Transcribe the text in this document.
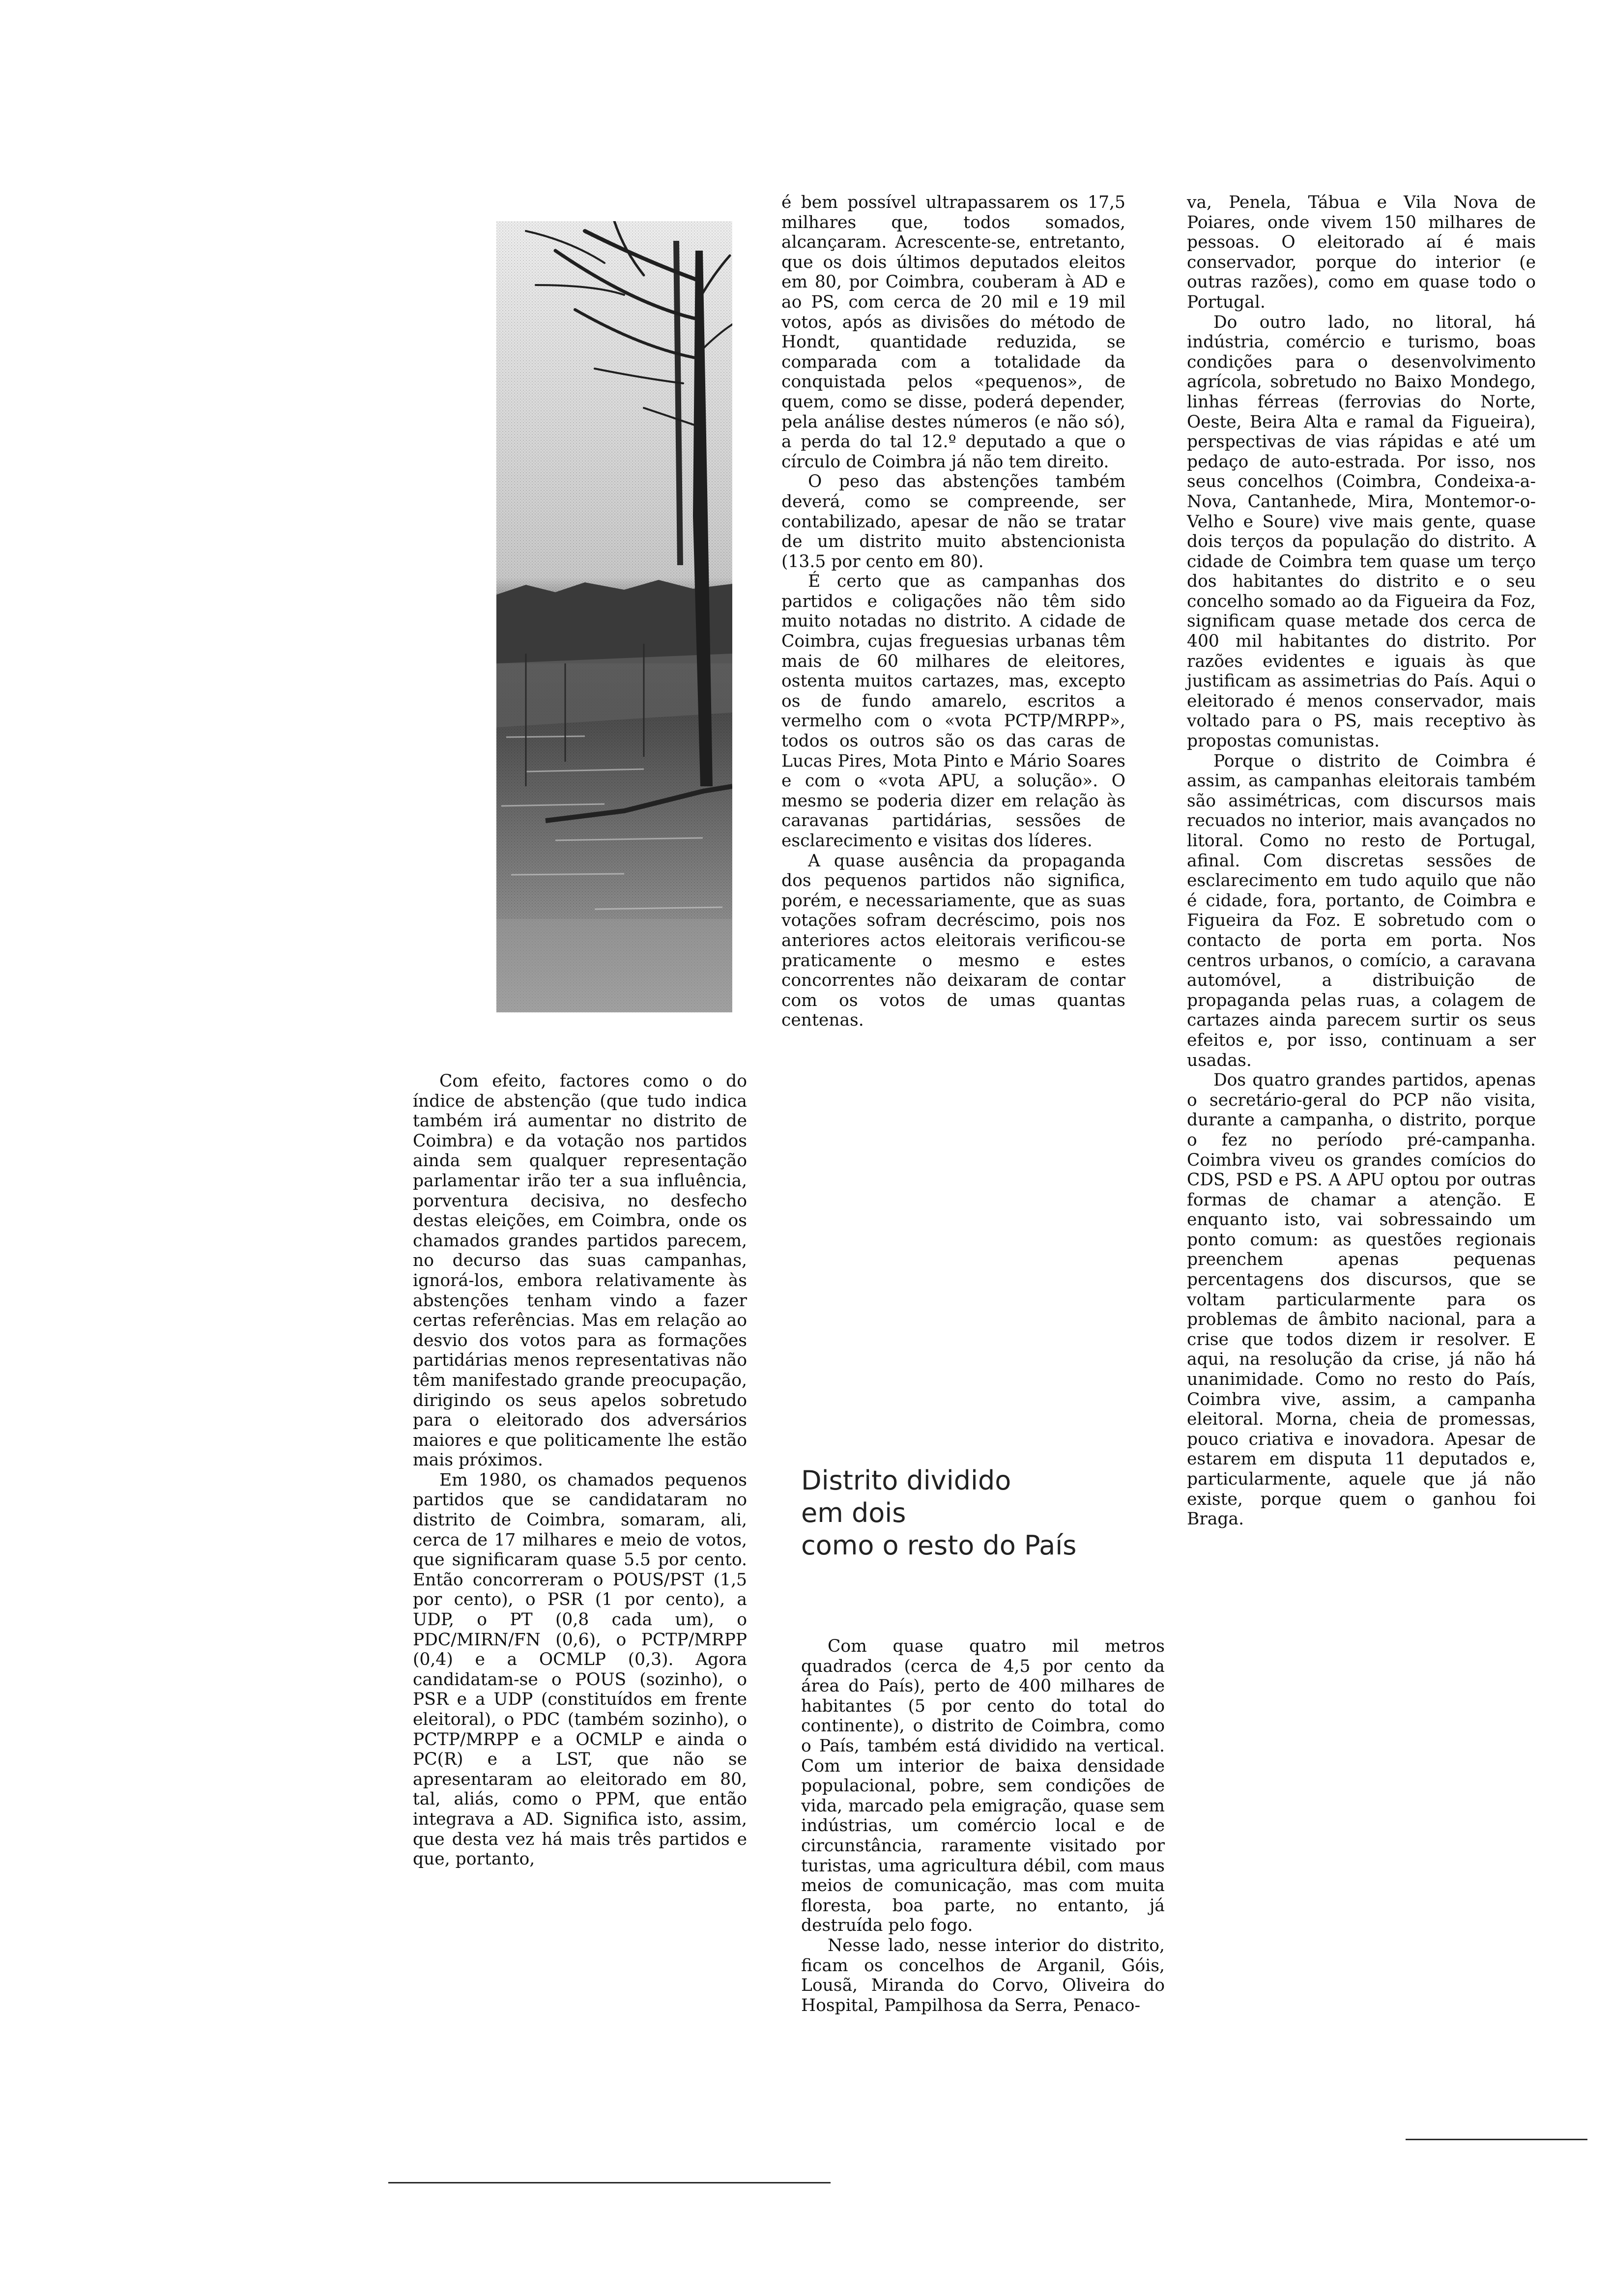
Com efeito, factores como o do índice de abstenção (que tudo indica também irá aumentar no distrito de Coimbra) e da votação nos partidos ainda sem qualquer representação parlamentar irão ter a sua influência, porventura decisiva, no desfecho destas eleições, em Coimbra, onde os chamados grandes partidos parecem, no decurso das suas campanhas, ignorá-los, embora relativamente às abstenções tenham vindo a fazer certas referências. Mas em relação ao desvio dos votos para as formações partidárias menos representativas não têm manifestado grande preocupação, dirigindo os seus apelos sobretudo para o eleitorado dos adversários maiores e que politicamente lhe estão mais próximos.

Em 1980, os chamados pequenos partidos que se candidataram no distrito de Coimbra, somaram, ali, cerca de 17 milhares e meio de votos, que significaram quase 5.5 por cento. Então concorreram o POUS/PST (1,5 por cento), o PSR (1 por cento), a UDP, o PT (0,8 cada um), o PDC/MIRN/FN (0,6), o PCTP/MRPP (0,4) e a OCMLP (0,3). Agora candidatam-se o POUS (sozinho), o PSR e a UDP (constituídos em frente eleitoral), o PDC (também sozinho), o PCTP/MRPP e a OCMLP e ainda o PC(R) e a LST, que não se apresentaram ao eleitorado em 80, tal, aliás, como o PPM, que então integrava a AD. Significa isto, assim, que desta vez há mais três partidos e que, portanto,

é bem possível ultrapassarem os 17,5 milhares que, todos somados, alcançaram. Acrescente-se, entretanto, que os dois últimos deputados eleitos em 80, por Coimbra, couberam à AD e ao PS, com cerca de 20 mil e 19 mil votos, após as divisões do método de Hondt, quantidade reduzida, se comparada com a totalidade da conquistada pelos «pequenos», de quem, como se disse, poderá depender, pela análise destes números (e não só), a perda do tal 12.º deputado a que o círculo de Coimbra já não tem direito.

O peso das abstenções também deverá, como se compreende, ser contabilizado, apesar de não se tratar de um distrito muito abstencionista (13.5 por cento em 80).

É certo que as campanhas dos partidos e coligações não têm sido muito notadas no distrito. A cidade de Coimbra, cujas freguesias urbanas têm mais de 60 milhares de eleitores, ostenta muitos cartazes, mas, excepto os de fundo amarelo, escritos a vermelho com o «vota PCTP/MRPP», todos os outros são os das caras de Lucas Pires, Mota Pinto e Mário Soares e com o «vota APU, a solução». O mesmo se poderia dizer em relação às caravanas partidárias, sessões de esclarecimento e visitas dos líderes.

A quase ausência da propaganda dos pequenos partidos não significa, porém, e necessariamente, que as suas votações sofram decréscimo, pois nos anteriores actos eleitorais verificou-se praticamente o mesmo e estes concorrentes não deixaram de contar com os votos de umas quantas centenas.

Distrito dividido
em dois
como o resto do País

Com quase quatro mil metros quadrados (cerca de 4,5 por cento da área do País), perto de 400 milhares de habitantes (5 por cento do total do continente), o distrito de Coimbra, como o País, também está dividido na vertical. Com um interior de baixa densidade populacional, pobre, sem condições de vida, marcado pela emigração, quase sem indústrias, um comércio local e de circunstância, raramente visitado por turistas, uma agricultura débil, com maus meios de comunicação, mas com muita floresta, boa parte, no entanto, já destruída pelo fogo.

Nesse lado, nesse interior do distrito, ficam os concelhos de Arganil, Góis, Lousã, Miranda do Corvo, Oliveira do Hospital, Pampilhosa da Serra, Penaco-

va, Penela, Tábua e Vila Nova de Poiares, onde vivem 150 milhares de pessoas. O eleitorado aí é mais conservador, porque do interior (e outras razões), como em quase todo o Portugal.

Do outro lado, no litoral, há indústria, comércio e turismo, boas condições para o desenvolvimento agrícola, sobretudo no Baixo Mondego, linhas férreas (ferrovias do Norte, Oeste, Beira Alta e ramal da Figueira), perspectivas de vias rápidas e até um pedaço de auto-estrada. Por isso, nos seus concelhos (Coimbra, Condeixa-a-Nova, Cantanhede, Mira, Montemor-o-Velho e Soure) vive mais gente, quase dois terços da população do distrito. A cidade de Coimbra tem quase um terço dos habitantes do distrito e o seu concelho somado ao da Figueira da Foz, significam quase metade dos cerca de 400 mil habitantes do distrito. Por razões evidentes e iguais às que justificam as assimetrias do País. Aqui o eleitorado é menos conservador, mais voltado para o PS, mais receptivo às propostas comunistas.

Porque o distrito de Coimbra é assim, as campanhas eleitorais também são assimétricas, com discursos mais recuados no interior, mais avançados no litoral. Como no resto de Portugal, afinal. Com discretas sessões de esclarecimento em tudo aquilo que não é cidade, fora, portanto, de Coimbra e Figueira da Foz. E sobretudo com o contacto de porta em porta. Nos centros urbanos, o comício, a caravana automóvel, a distribuição de propaganda pelas ruas, a colagem de cartazes ainda parecem surtir os seus efeitos e, por isso, continuam a ser usadas.

Dos quatro grandes partidos, apenas o secretário-geral do PCP não visita, durante a campanha, o distrito, porque o fez no período pré-campanha. Coimbra viveu os grandes comícios do CDS, PSD e PS. A APU optou por outras formas de chamar a atenção. E enquanto isto, vai sobressaindo um ponto comum: as questões regionais preenchem apenas pequenas percentagens dos discursos, que se voltam particularmente para os problemas de âmbito nacional, para a crise que todos dizem ir resolver. E aqui, na resolução da crise, já não há unanimidade. Como no resto do País, Coimbra vive, assim, a campanha eleitoral. Morna, cheia de promessas, pouco criativa e inovadora. Apesar de estarem em disputa 11 deputados e, particularmente, aquele que já não existe, porque quem o ganhou foi Braga.
